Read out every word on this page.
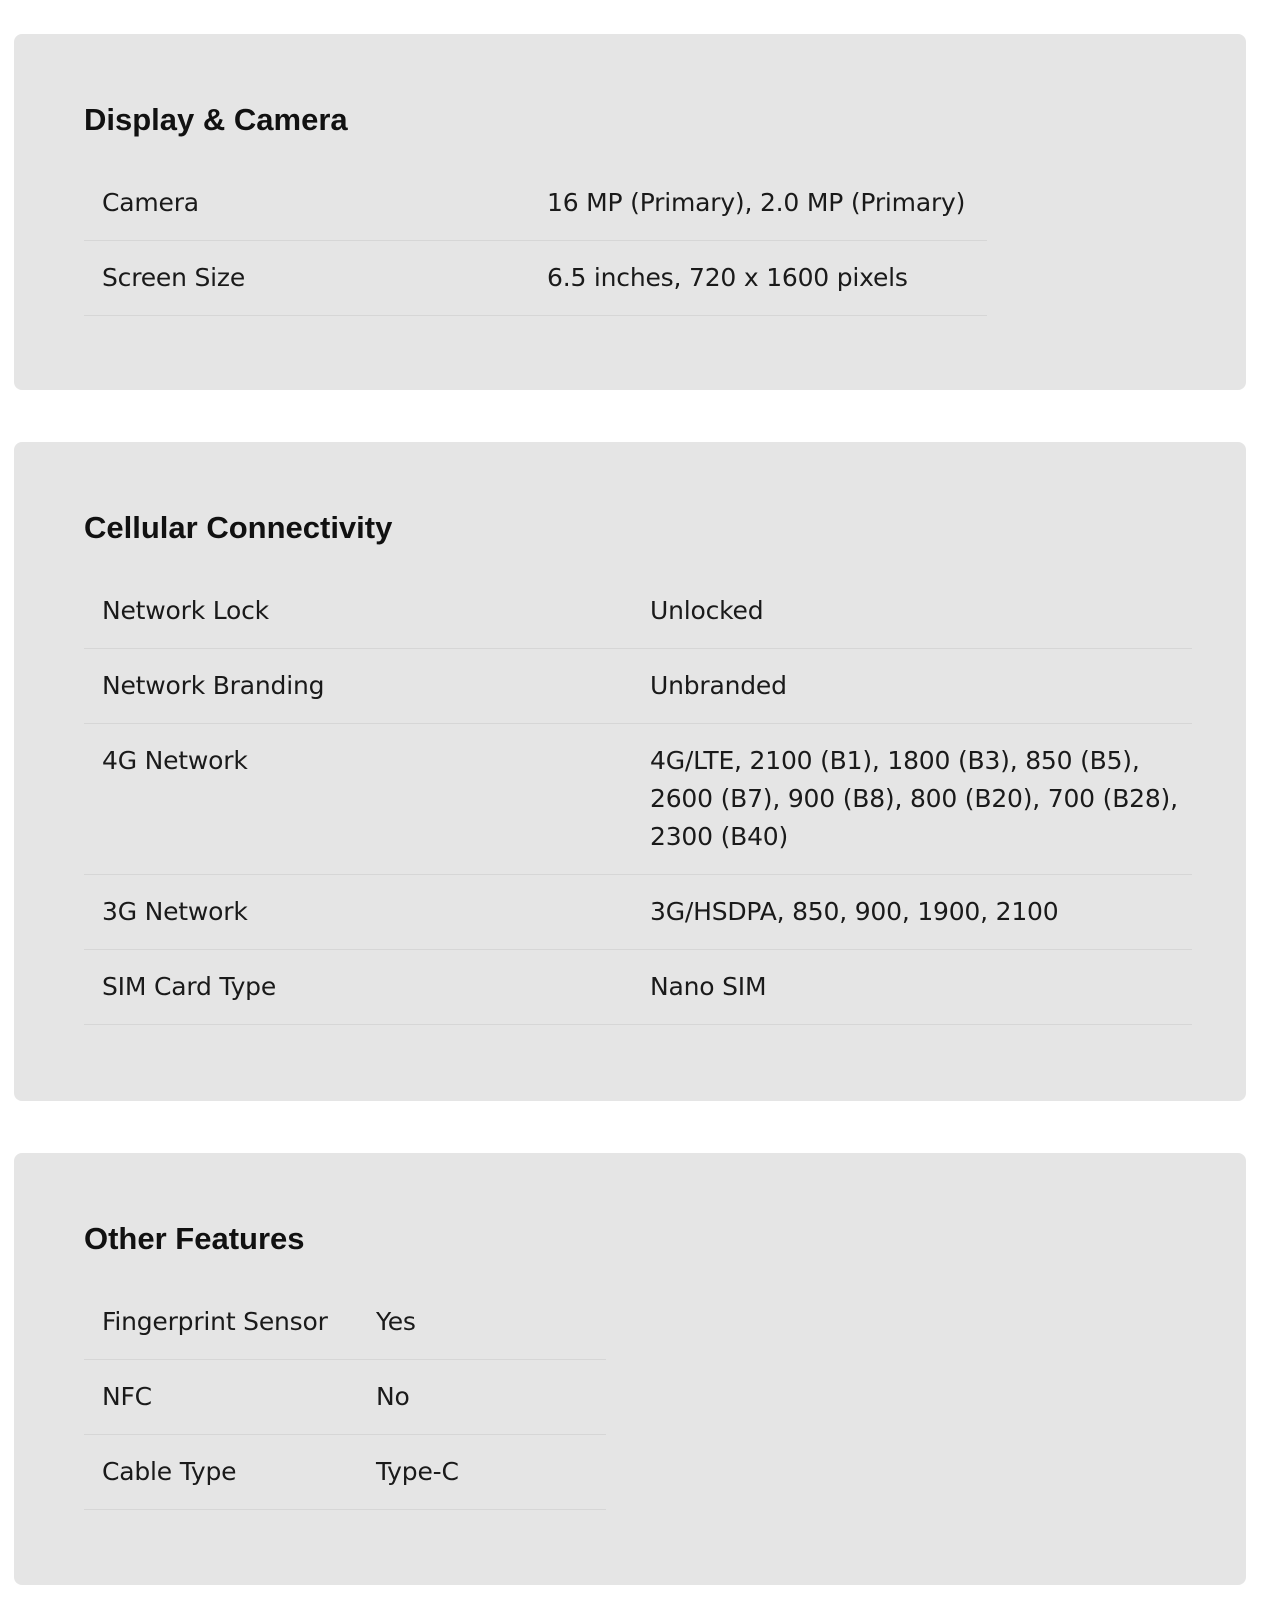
Display & Camera
Camera	16 MP (Primary), 2.0 MP (Primary)
Screen Size	6.5 inches, 720 x 1600 pixels
Cellular Connectivity
Network Lock	Unlocked
Network Branding	Unbranded
4G Network	4G/LTE, 2100 (B1), 1800 (B3), 850 (B5), 2600 (B7), 900 (B8), 800 (B20), 700 (B28), 2300 (B40)
3G Network	3G/HSDPA, 850, 900, 1900, 2100
SIM Card Type	Nano SIM
Other Features
Fingerprint Sensor	Yes
NFC	No
Cable Type	Type-C
